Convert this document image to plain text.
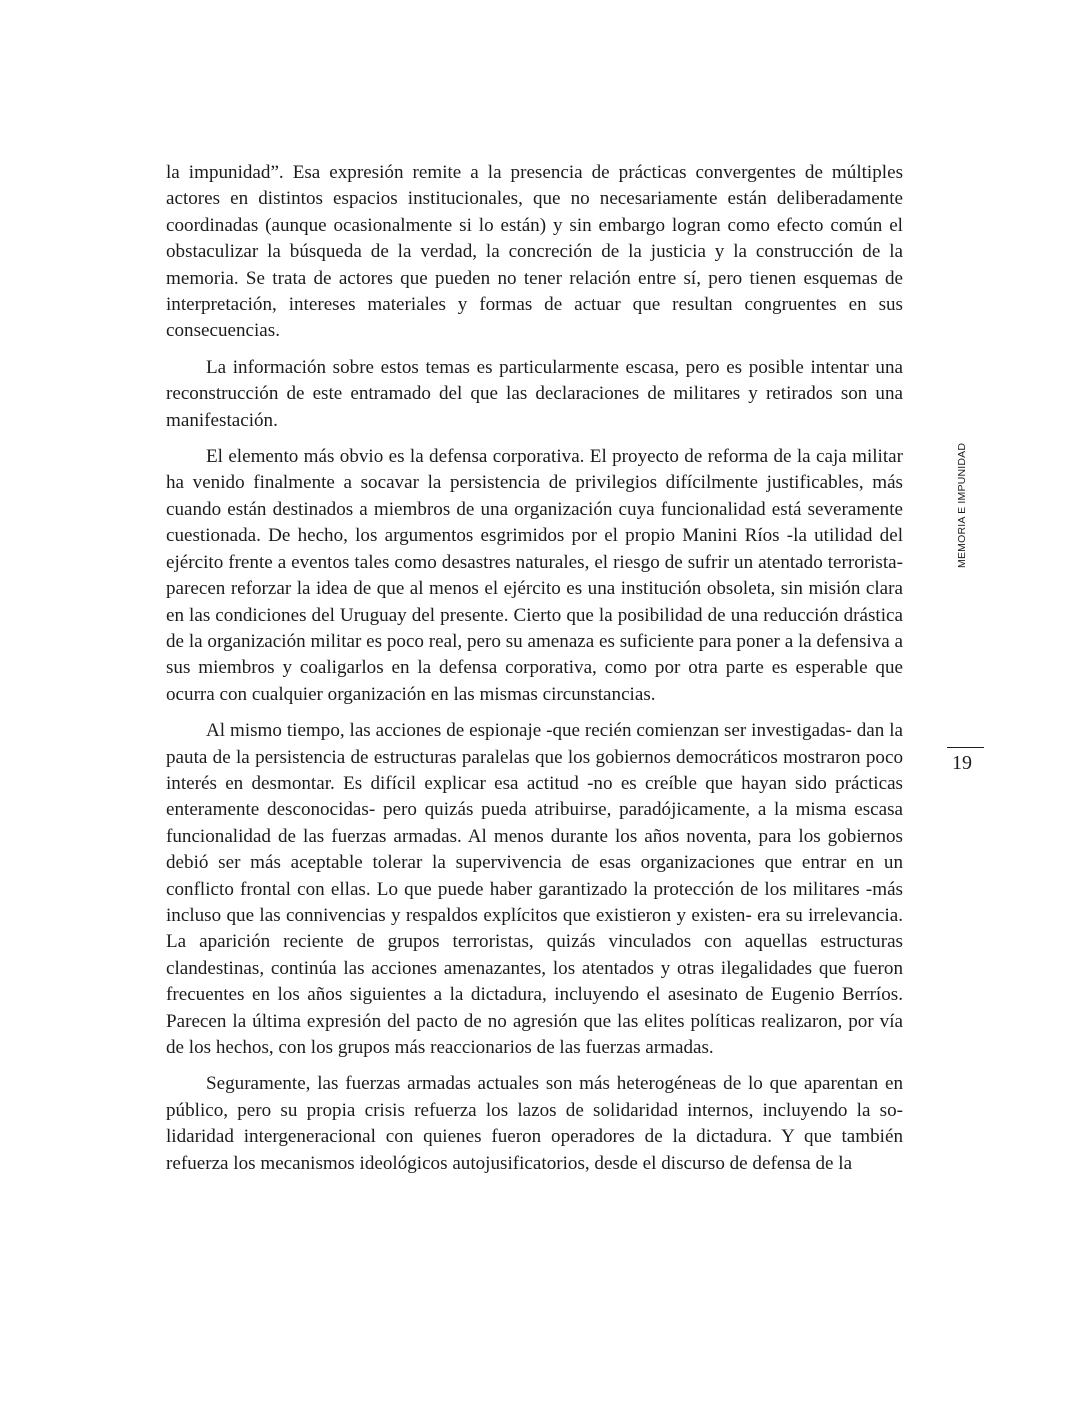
la impunidad”. Esa expresión remite a la presencia de prácticas convergentes de múltiples actores en distintos espacios institucionales, que no necesariamente están deliberadamente coordinadas (aunque ocasionalmente si lo están) y sin embargo logran como efecto común el obstaculizar la búsqueda de la verdad, la concreción de la justicia y la construcción de la memoria. Se trata de actores que pueden no tener relación entre sí, pero tienen esquemas de interpretación, intereses materiales y formas de actuar que resultan congruentes en sus consecuencias.

La información sobre estos temas es particularmente escasa, pero es posible intentar una reconstrucción de este entramado del que las declaraciones de militares y retirados son una manifestación.

El elemento más obvio es la defensa corporativa. El proyecto de reforma de la caja militar ha venido finalmente a socavar la persistencia de privilegios difícilmente justificables, más cuando están destinados a miembros de una organización cuya funcionalidad está severamente cuestionada. De hecho, los argumentos esgrimidos por el propio Manini Ríos -la utilidad del ejército frente a eventos tales como desastres naturales, el riesgo de sufrir un atentado terrorista- parecen reforzar la idea de que al menos el ejército es una institución obsoleta, sin misión clara en las condiciones del Uruguay del presente. Cierto que la posibilidad de una reducción drástica de la organización militar es poco real, pero su amenaza es suficiente para poner a la defensiva a sus miembros y coaligarlos en la defensa corporativa, como por otra parte es esperable que ocurra con cualquier organización en las mismas circunstancias.

Al mismo tiempo, las acciones de espionaje -que recién comienzan ser investigadas- dan la pauta de la persistencia de estructuras paralelas que los gobiernos democráticos mostraron poco interés en desmontar. Es difícil explicar esa actitud -no es creíble que hayan sido prácticas enteramente desconocidas- pero quizás pueda atribuirse, paradójicamente, a la misma escasa funcionalidad de las fuerzas armadas. Al menos durante los años noventa, para los gobiernos debió ser más aceptable tolerar la supervivencia de esas organizaciones que entrar en un conflicto frontal con ellas. Lo que puede haber garantizado la protección de los militares -más incluso que las connivencias y respaldos explícitos que existieron y existen- era su irrelevancia. La aparición reciente de grupos terroristas, quizás vinculados con aquellas estructuras clandestinas, continúa las acciones amenazantes, los atentados y otras ilegalidades que fueron frecuentes en los años siguientes a la dictadura, incluyendo el asesinato de Eugenio Berríos. Parecen la última expresión del pacto de no agresión que las elites políticas realizaron, por vía de los hechos, con los grupos más reaccionarios de las fuerzas armadas.

Seguramente, las fuerzas armadas actuales son más heterogéneas de lo que aparentan en público, pero su propia crisis refuerza los lazos de solidaridad internos, incluyendo la solidaridad intergeneracional con quienes fueron operadores de la dictadura. Y que también refuerza los mecanismos ideológicos autojusificatorios, desde el discurso de defensa de la

MEMORIA E IMPUNIDAD
19
